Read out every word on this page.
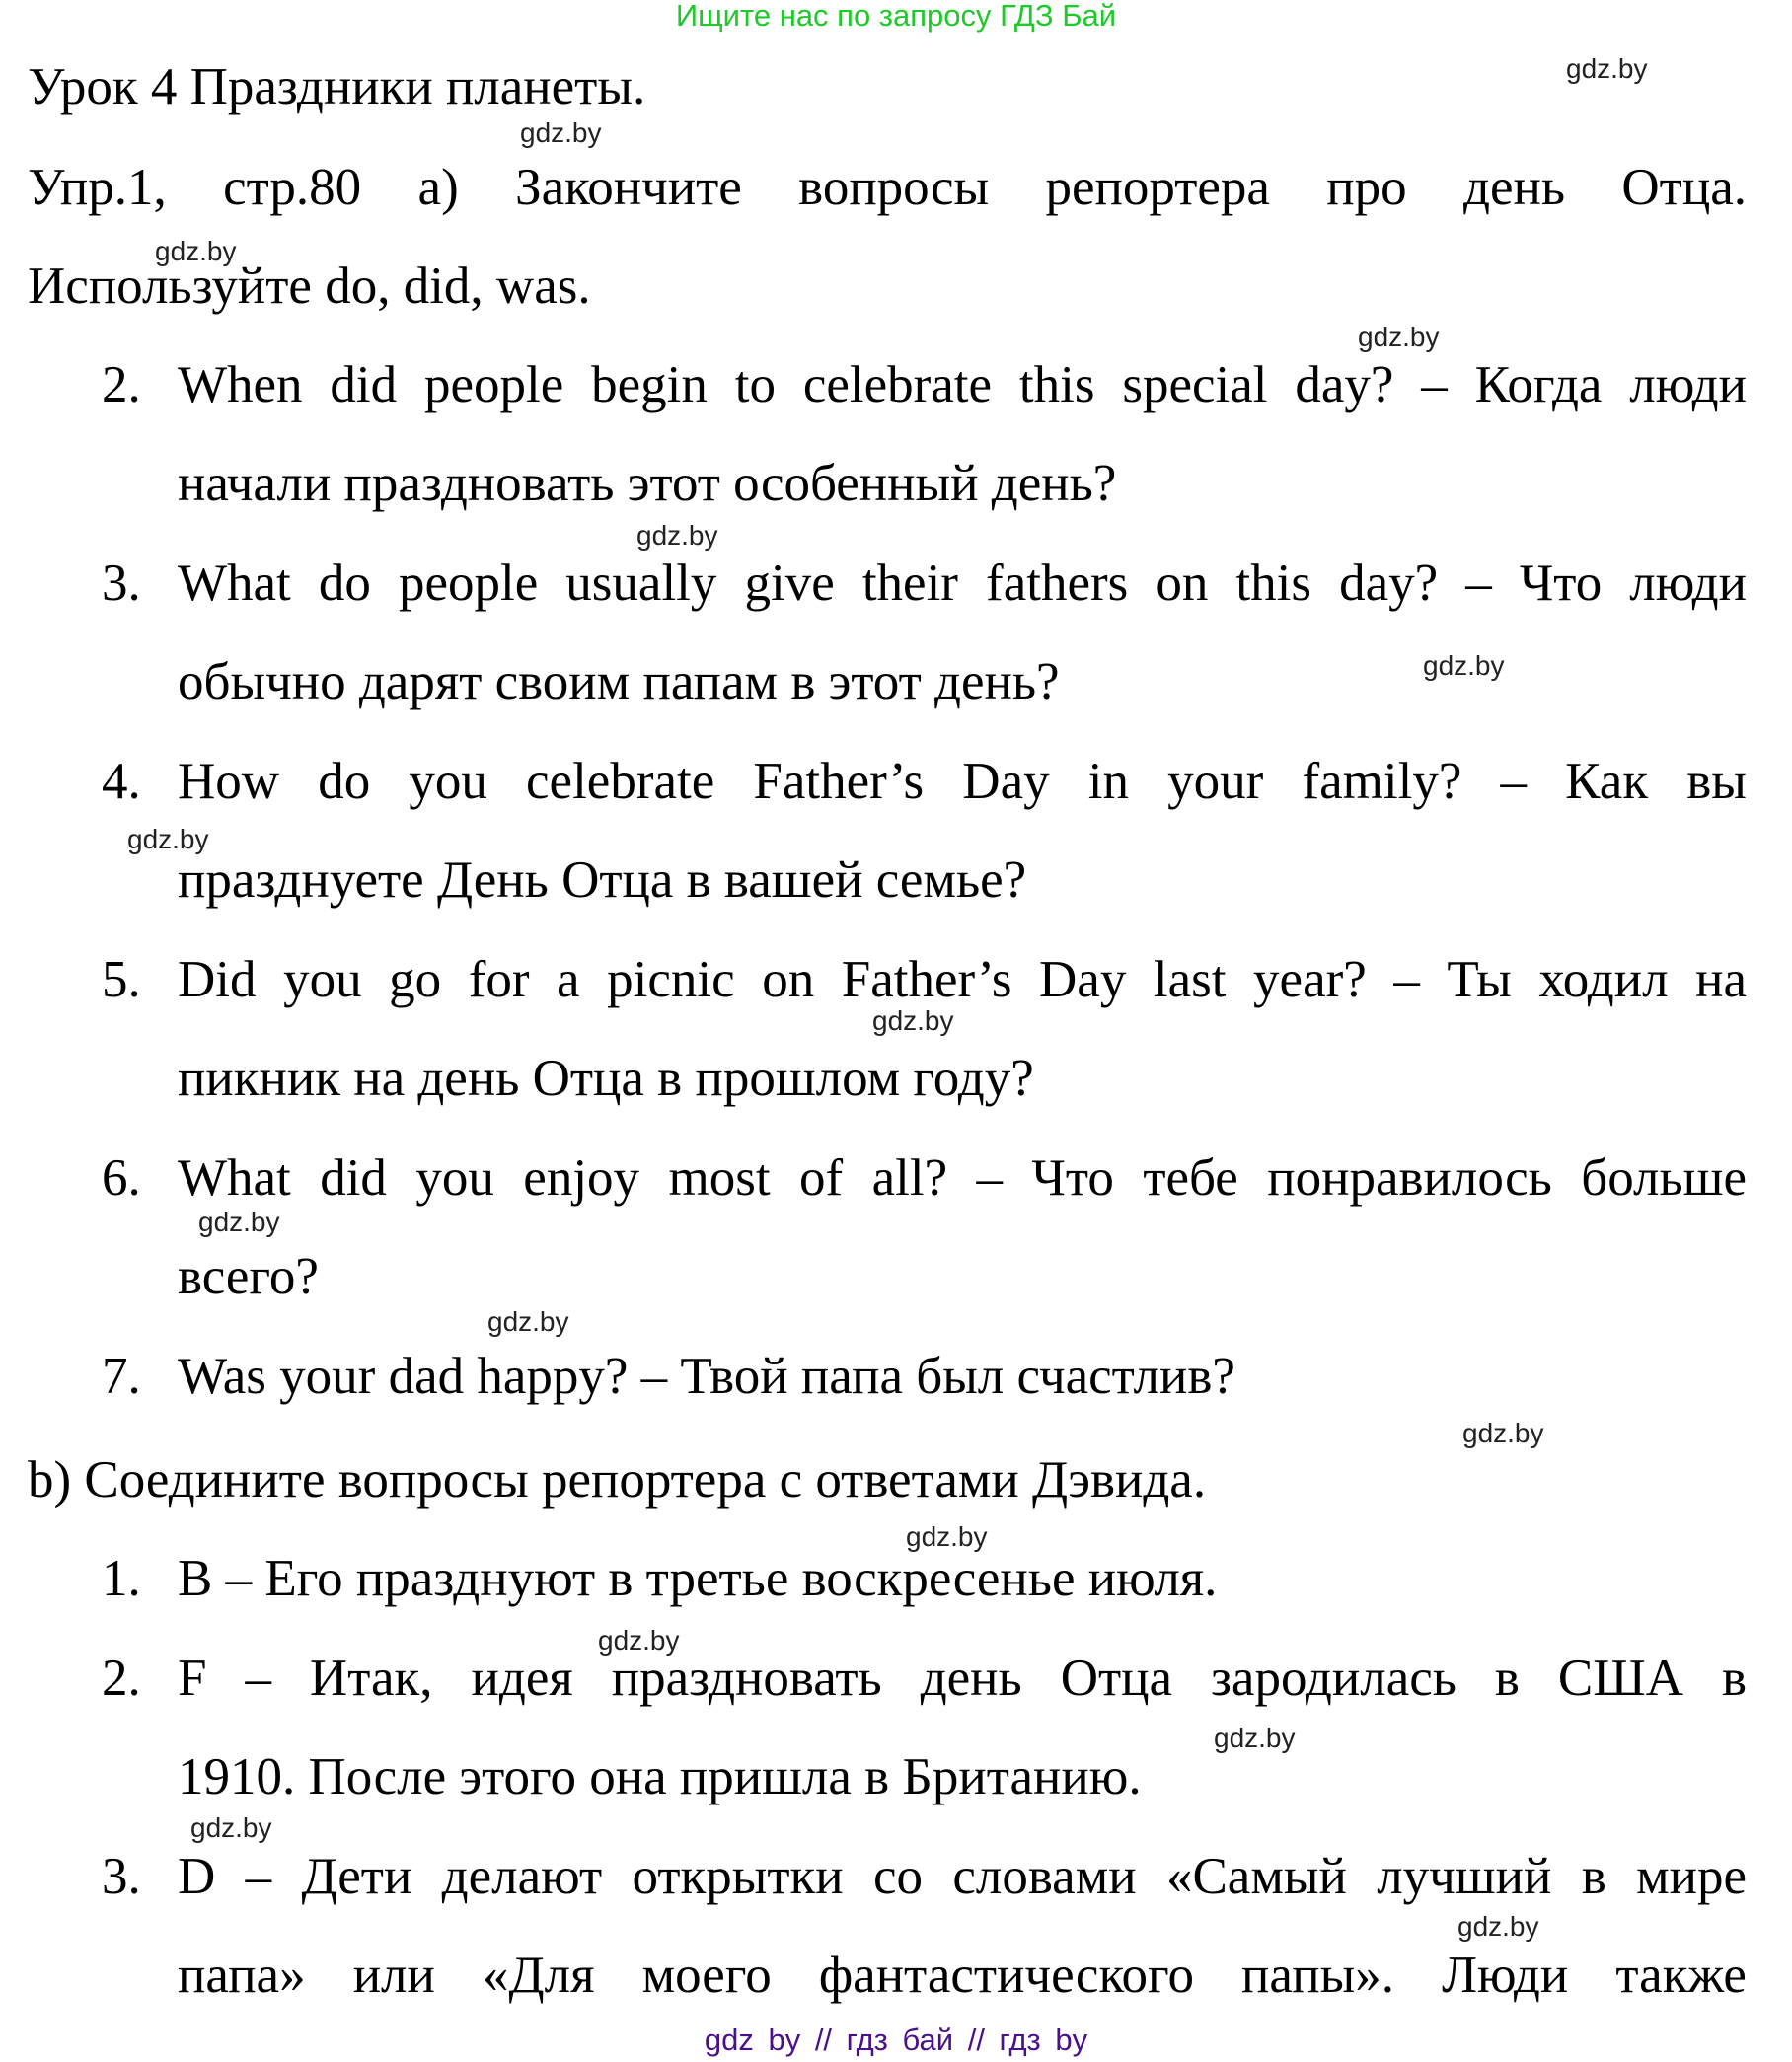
Ищите нас по запросу ГДЗ Бай
Урок 4 Праздники планеты.
Упр.1, стр.80 a) Закончите вопросы репортера про день Отца.
Используйте do, did, was.
2. When did people begin to celebrate this special day? – Когда люди
начали праздновать этот особенный день?
3. What do people usually give their fathers on this day? – Что люди
обычно дарят своим папам в этот день?
4. How do you celebrate Father’s Day in your family? – Как вы
празднуете День Отца в вашей семье?
5. Did you go for a picnic on Father’s Day last year? – Ты ходил на
пикник на день Отца в прошлом году?
6. What did you enjoy most of all? – Что тебе понравилось больше
всего?
7. Was your dad happy? – Твой папа был счастлив?
b) Соедините вопросы репортера с ответами Дэвида.
1. B – Его празднуют в третье воскресенье июля.
2. F – Итак, идея праздновать день Отца зародилась в США в
1910. После этого она пришла в Британию.
3. D – Дети делают открытки со словами «Самый лучший в мире
папа» или «Для моего фантастического папы». Люди также
gdz.by
gdz.by
gdz.by
gdz.by
gdz.by
gdz.by
gdz.by
gdz.by
gdz.by
gdz.by
gdz.by
gdz.by
gdz.by
gdz.by
gdz.by
gdz.by
gdz by // гдз бай // гдз by
